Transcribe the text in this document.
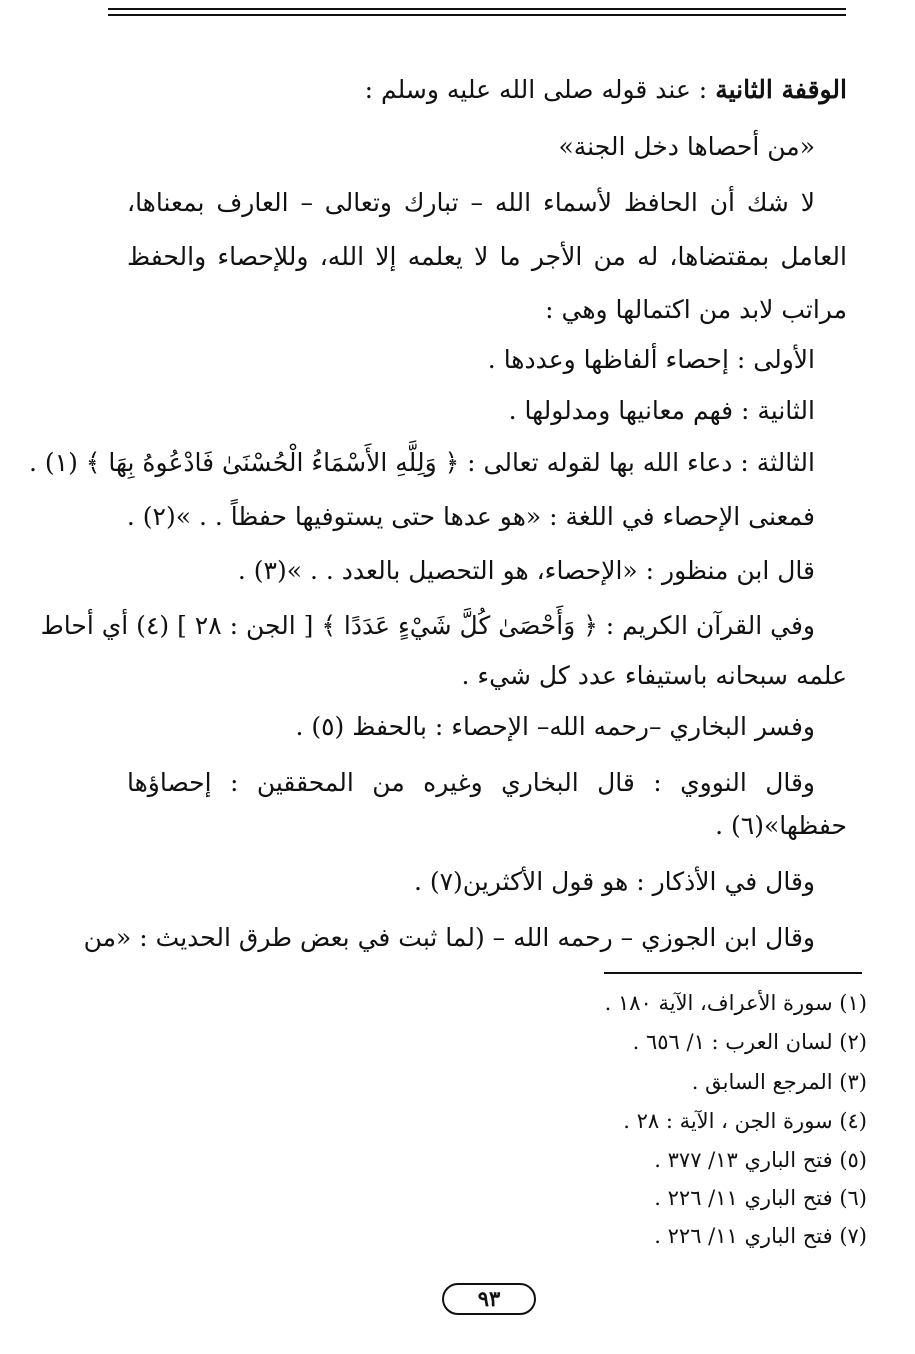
الوقفة الثانية : عند قوله صلى الله عليه وسلم :
«من أحصاها دخل الجنة»
لا شك أن الحافظ لأسماء الله – تبارك وتعالى – العارف بمعناها،
العامل بمقتضاها، له من الأجر ما لا يعلمه إلا الله، وللإحصاء والحفظ
مراتب لابد من اكتمالها وهي :
الأولى : إحصاء ألفاظها وعددها .
الثانية : فهم معانيها ومدلولها .
الثالثة : دعاء الله بها لقوله تعالى : ﴿ وَلِلَّهِ الأَسْمَاءُ الْحُسْنَىٰ فَادْعُوهُ بِهَا ﴾ (١) .
فمعنى الإحصاء في اللغة : «هو عدها حتى يستوفيها حفظاً . . »(٢) .
قال ابن منظور : «الإحصاء، هو التحصيل بالعدد . . »(٣) .
وفي القرآن الكريم : ﴿ وَأَحْصَىٰ كُلَّ شَيْءٍ عَدَدًا ﴾ [ الجن : ٢٨ ] (٤) أي أحاط
علمه سبحانه باستيفاء عدد كل شيء .
وفسر البخاري –رحمه الله– الإحصاء : بالحفظ (٥) .
وقال النووي : قال البخاري وغيره من المحققين : إحصاؤها
حفظها»(٦) .
وقال في الأذكار : هو قول الأكثرين(٧) .
وقال ابن الجوزي – رحمه الله – (لما ثبت في بعض طرق الحديث : «من
(١) سورة الأعراف، الآية ١٨٠ .
(٢) لسان العرب : ١/ ٦٥٦ .
(٣) المرجع السابق .
(٤) سورة الجن ، الآية : ٢٨ .
(٥) فتح الباري ١٣/ ٣٧٧ .
(٦) فتح الباري ١١/ ٢٢٦ .
(٧) فتح الباري ١١/ ٢٢٦ .
٩٣
